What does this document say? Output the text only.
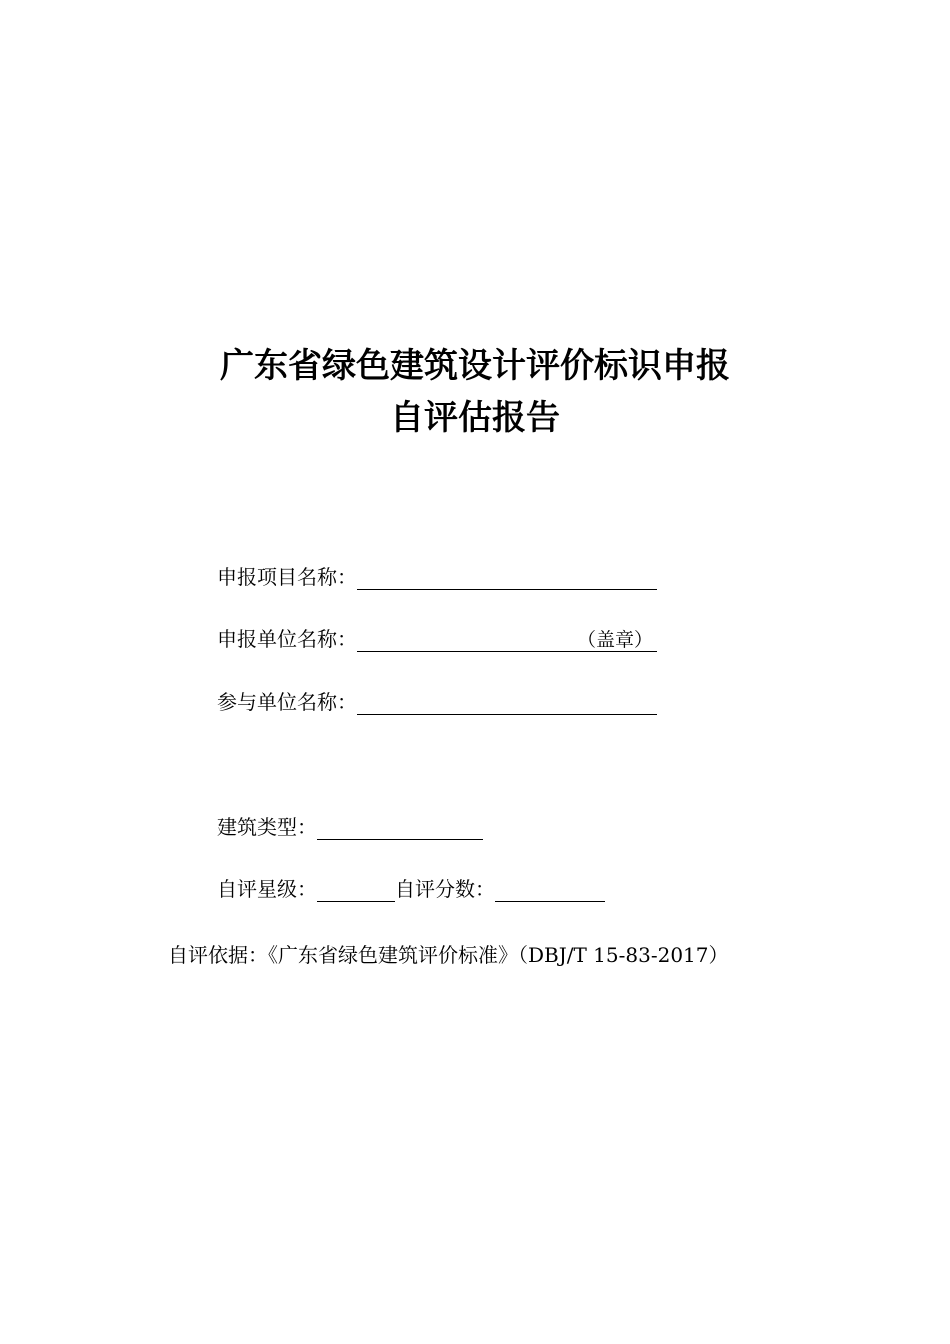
广东省绿色建筑设计评价标识申报
自评估报告
申报项目名称：
申报单位名称：	（盖章）
参与单位名称：
建筑类型：
自评星级：	自评分数：
自评依据：《广东省绿色建筑评价标准》（DBJ/T 15-83-2017）
